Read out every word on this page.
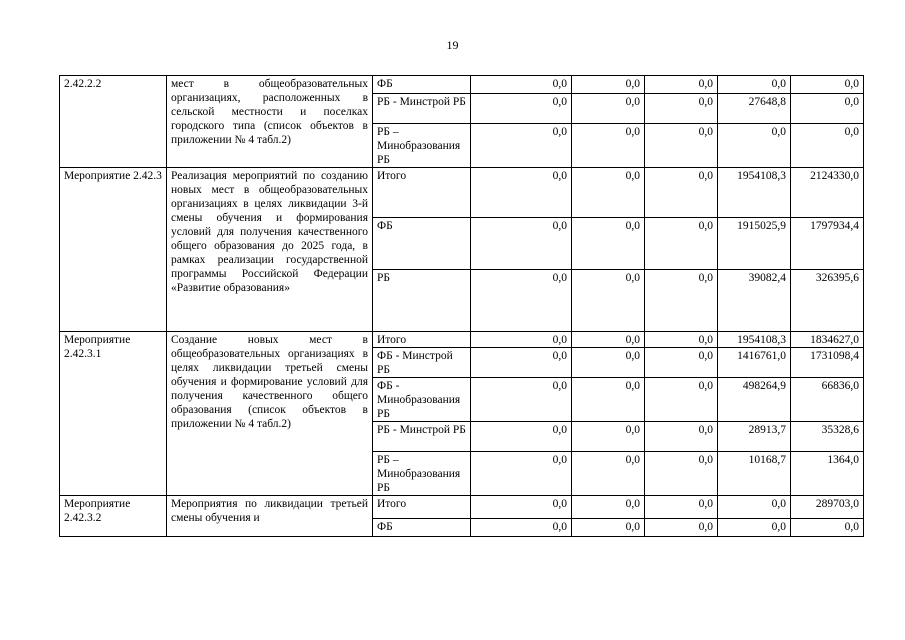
19
2.42.2.2	мест в общеобразовательных организациях, расположенных в сельской местности и поселках городского типа (список объектов в приложении № 4 табл.2)	ФБ	0,0	0,0	0,0	0,0	0,0
		РБ - Минстрой РБ	0,0	0,0	0,0	27648,8	0,0
		РБ – Минобразования РБ	0,0	0,0	0,0	0,0	0,0
Мероприятие 2.42.3	Реализация мероприятий по созданию новых мест в общеобразовательных организациях в целях ликвидации 3-й смены обучения и формирования условий для получения качественного общего образования до 2025 года, в рамках реализации государственной программы Российской Федерации «Развитие образования»	Итого	0,0	0,0	0,0	1954108,3	2124330,0
		ФБ	0,0	0,0	0,0	1915025,9	1797934,4
		РБ	0,0	0,0	0,0	39082,4	326395,6
Мероприятие 2.42.3.1	Создание новых мест в общеобразовательных организациях в целях ликвидации третьей смены обучения и формирование условий для получения качественного общего образования (список объектов в приложении № 4 табл.2)	Итого	0,0	0,0	0,0	1954108,3	1834627,0
		ФБ - Минстрой РБ	0,0	0,0	0,0	1416761,0	1731098,4
		ФБ - Минобразования РБ	0,0	0,0	0,0	498264,9	66836,0
		РБ - Минстрой РБ	0,0	0,0	0,0	28913,7	35328,6
		РБ – Минобразования РБ	0,0	0,0	0,0	10168,7	1364,0
Мероприятие 2.42.3.2	Мероприятия по ликвидации третьей смены обучения и	Итого	0,0	0,0	0,0	0,0	289703,0
		ФБ	0,0	0,0	0,0	0,0	0,0
